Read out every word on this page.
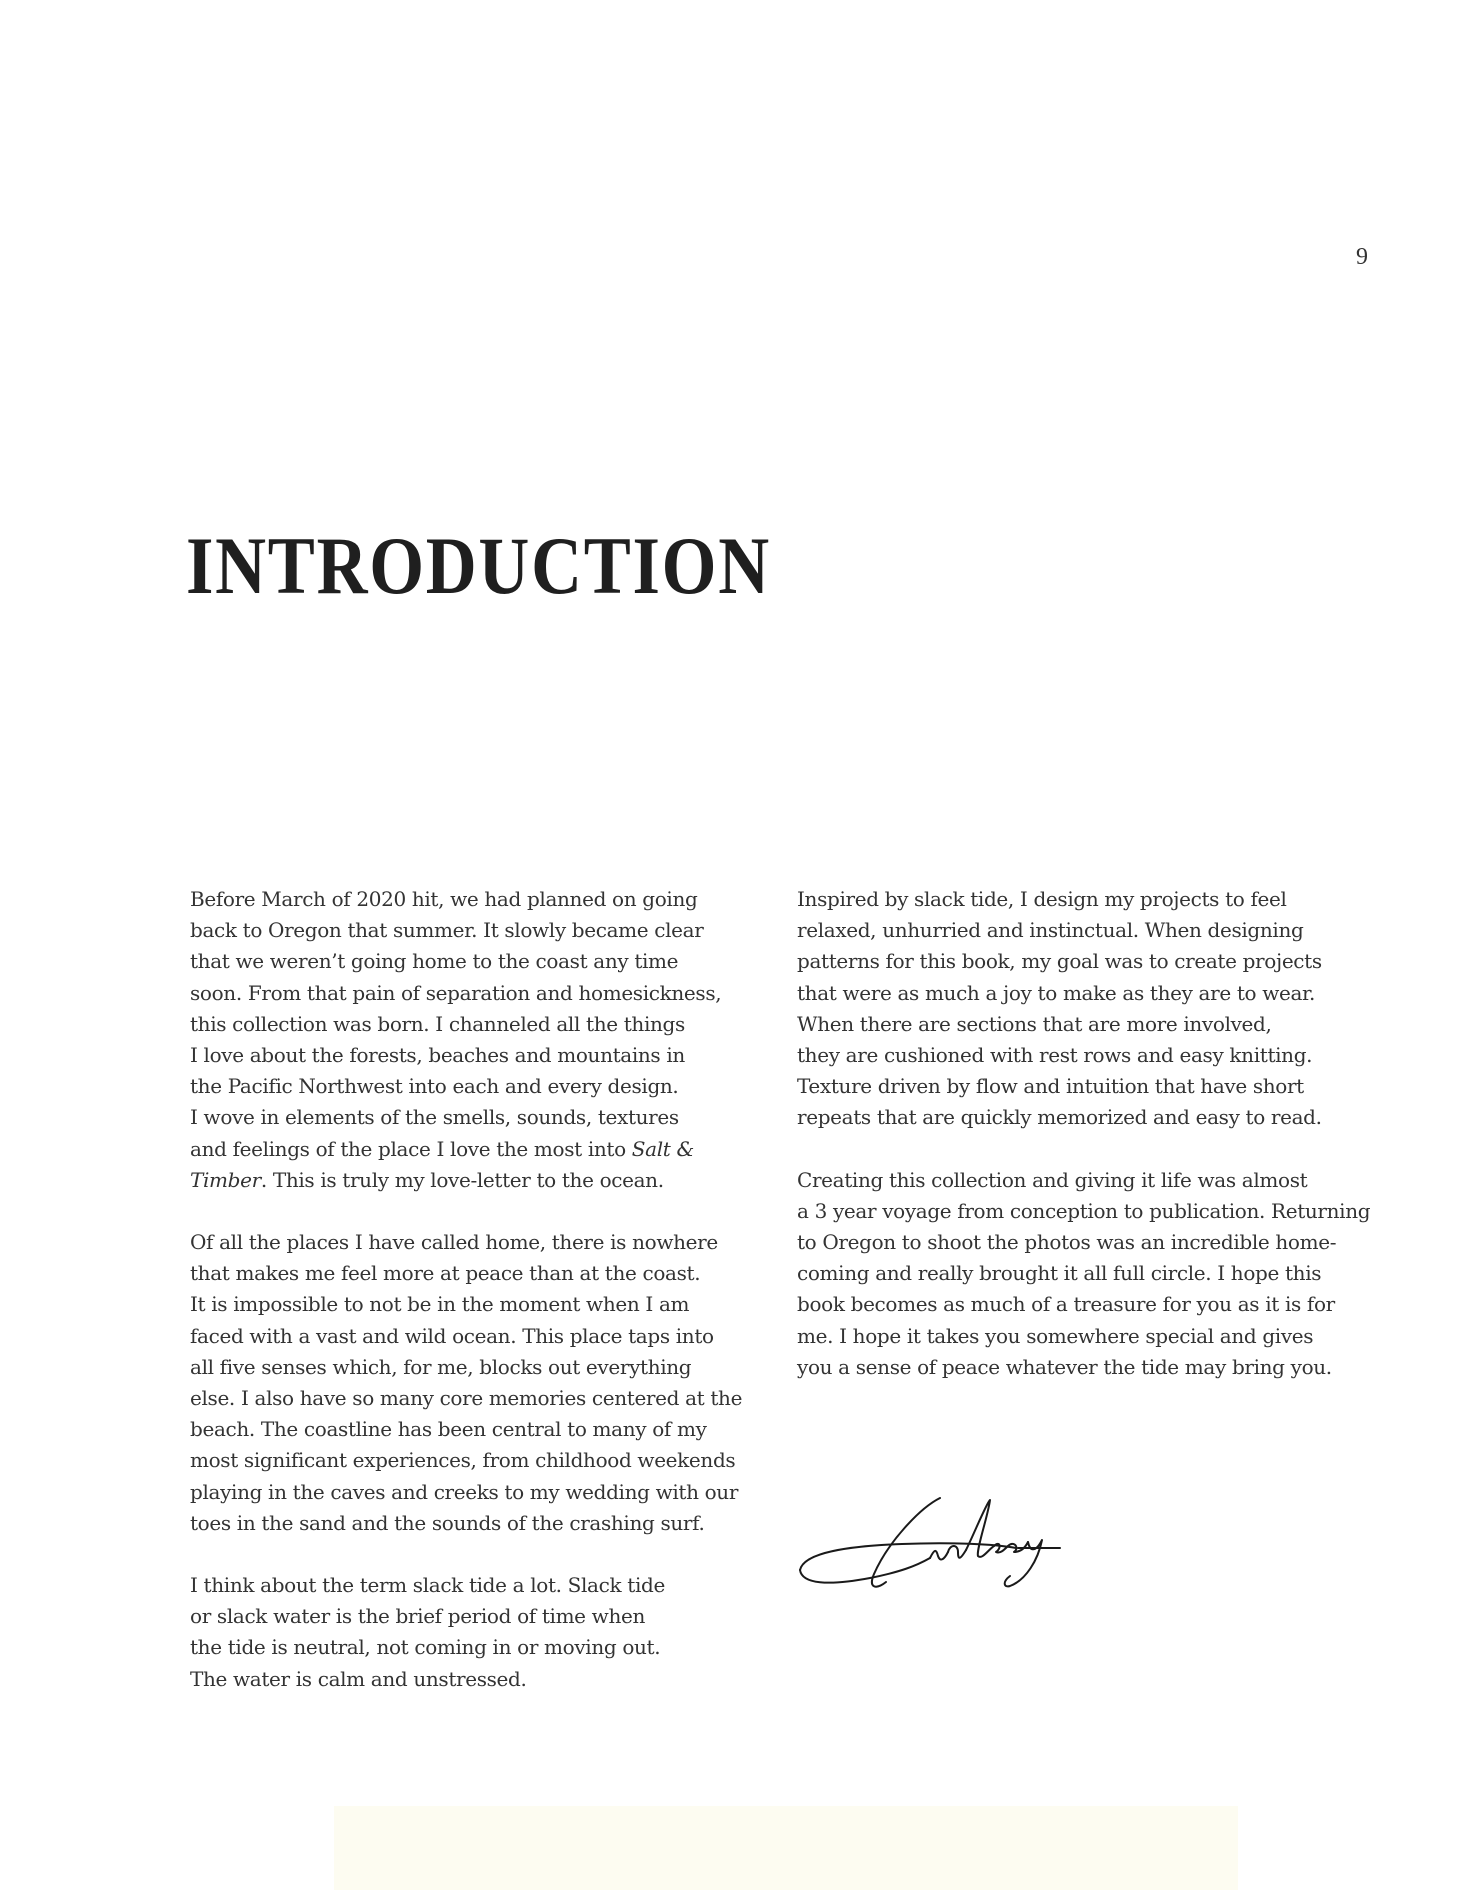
9
INTRODUCTION

Before March of 2020 hit, we had planned on going
back to Oregon that summer. It slowly became clear
that we weren’t going home to the coast any time
soon. From that pain of separation and homesickness,
this collection was born. I channeled all the things
I love about the forests, beaches and mountains in
the Pacific Northwest into each and every design.
I wove in elements of the smells, sounds, textures
and feelings of the place I love the most into Salt &
Timber. This is truly my love-letter to the ocean.

Of all the places I have called home, there is nowhere
that makes me feel more at peace than at the coast.
It is impossible to not be in the moment when I am
faced with a vast and wild ocean. This place taps into
all five senses which, for me, blocks out everything
else. I also have so many core memories centered at the
beach. The coastline has been central to many of my
most significant experiences, from childhood weekends
playing in the caves and creeks to my wedding with our
toes in the sand and the sounds of the crashing surf.

I think about the term slack tide a lot. Slack tide
or slack water is the brief period of time when
the tide is neutral, not coming in or moving out.
The water is calm and unstressed.

Inspired by slack tide, I design my projects to feel
relaxed, unhurried and instinctual. When designing
patterns for this book, my goal was to create projects
that were as much a joy to make as they are to wear.
When there are sections that are more involved,
they are cushioned with rest rows and easy knitting.
Texture driven by flow and intuition that have short
repeats that are quickly memorized and easy to read.

Creating this collection and giving it life was almost
a 3 year voyage from conception to publication. Returning
to Oregon to shoot the photos was an incredible home-
coming and really brought it all full circle. I hope this
book becomes as much of a treasure for you as it is for
me. I hope it takes you somewhere special and gives
you a sense of peace whatever the tide may bring you.
